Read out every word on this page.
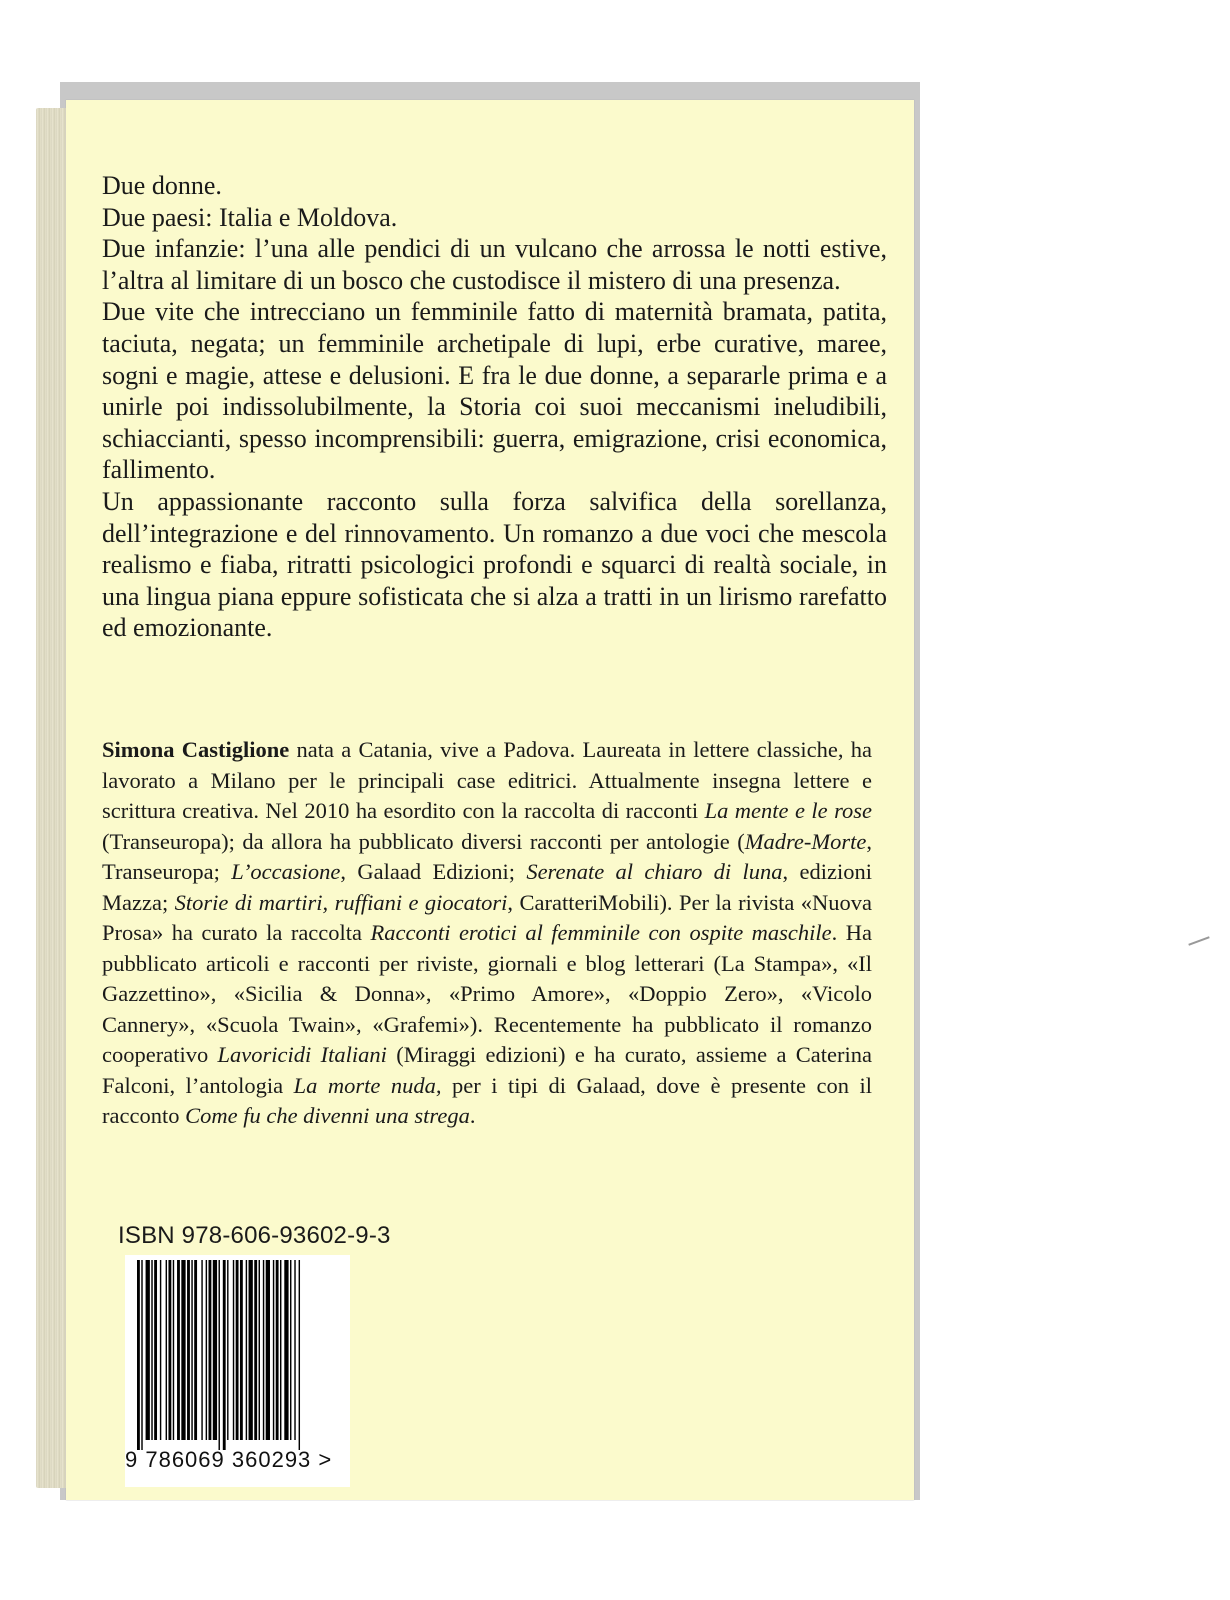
Due donne.

Due paesi: Italia e Moldova.

Due infanzie: l’una alle pendici di un vulcano che arrossa le notti estive, l’altra al limitare di un bosco che custodisce il mistero di una presenza.

Due vite che intrecciano un femminile fatto di maternità bramata, patita, taciuta, negata; un femminile archetipale di lupi, erbe curative, maree, sogni e magie, attese e delusioni. E fra le due donne, a separarle prima e a unirle poi indissolubilmente, la Storia coi suoi meccanismi ineludibili, schiaccianti, spesso incomprensibili: guerra, emigrazione, crisi economica, fallimento.

Un appassionante racconto sulla forza salvifica della sorellanza, dell’integrazione e del rinnovamento. Un romanzo a due voci che mescola realismo e fiaba, ritratti psicologici profondi e squarci di realtà sociale, in una lingua piana eppure sofisticata che si alza a tratti in un lirismo rarefatto ed emozionante.

Simona Castiglione nata a Catania, vive a Padova. Laureata in lettere classiche, ha lavorato a Milano per le principali case editrici. Attualmente insegna lettere e scrittura creativa. Nel 2010 ha esordito con la raccolta di racconti La mente e le rose (Transeuropa); da allora ha pubblicato diversi racconti per antologie (Madre-Morte, Transeuropa; L’occasione, Galaad Edizioni; Serenate al chiaro di luna, edizioni Mazza; Storie di martiri, ruffiani e giocatori, CaratteriMobili). Per la rivista «Nuova Prosa» ha curato la raccolta Racconti erotici al femminile con ospite maschile. Ha pubblicato articoli e racconti per riviste, giornali e blog letterari (La Stampa», «Il Gazzettino», «Sicilia & Donna», «Primo Amore», «Doppio Zero», «Vicolo Cannery», «Scuola Twain», «Grafemi»). Recentemente ha pubblicato il romanzo cooperativo Lavoricidi Italiani (Miraggi edizioni) e ha curato, assieme a Caterina Falconi, l’antologia La morte nuda, per i tipi di Galaad, dove è presente con il racconto Come fu che divenni una strega.

ISBN 978-606-93602-9-3
9 786069 360293 >
